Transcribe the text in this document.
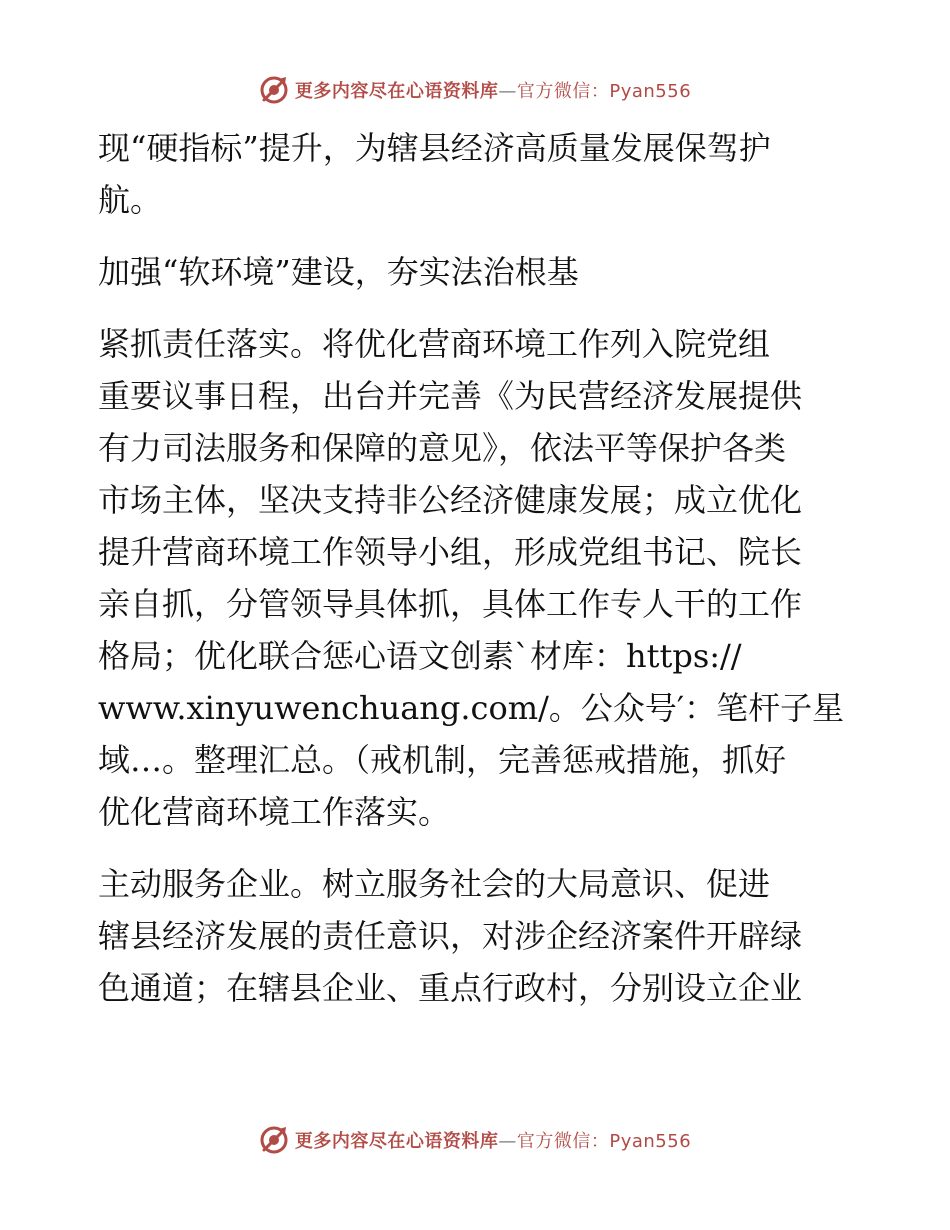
更多内容尽在心语资料库—官方微信：Pyan556
现“硬指标”提升，为辖县经济高质量发展保驾护
航。
加强“软环境”建设，夯实法治根基
紧抓责任落实。将优化营商环境工作列入院党组
重要议事日程，出台并完善《为民营经济发展提供
有力司法服务和保障的意见》，依法平等保护各类
市场主体，坚决支持非公经济健康发展；成立优化
提升营商环境工作领导小组，形成党组书记、院长
亲自抓，分管领导具体抓，具体工作专人干的工作
格局；优化联合惩心语文创素`材库：https://
www.xinyuwenchuang.com/。公众号′：笔杆子星
域…。整理汇总。（戒机制，完善惩戒措施，抓好
优化营商环境工作落实。
主动服务企业。树立服务社会的大局意识、促进
辖县经济发展的责任意识，对涉企经济案件开辟绿
色通道；在辖县企业、重点行政村，分别设立企业
更多内容尽在心语资料库—官方微信：Pyan556
